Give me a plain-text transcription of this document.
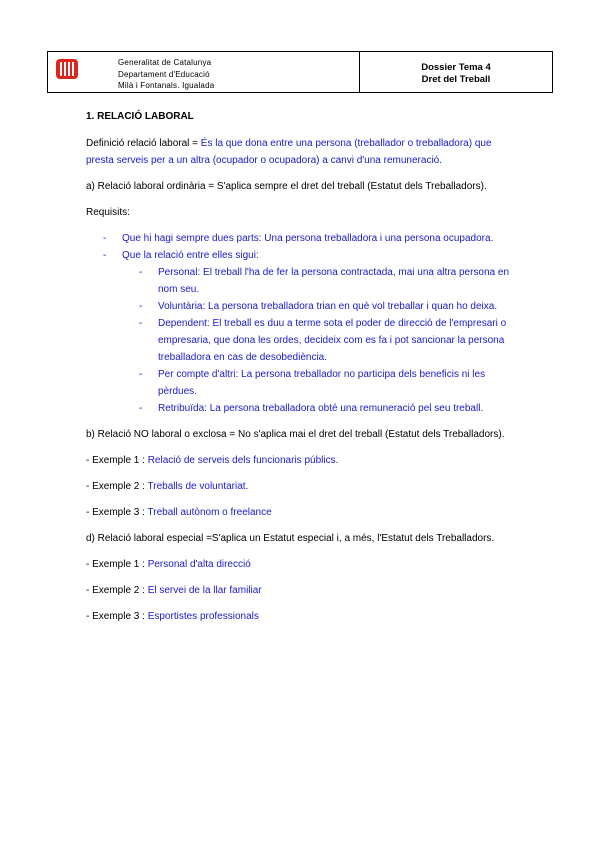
Generalitat de Catalunya
Departament d'Educació
Milà i Fontanals. Igualada
Dossier Tema 4
Dret del Treball
1. RELACIÓ LABORAL

Definició relació laboral = És la que dona entre una persona (treballador o treballadora) que presta serveis per a un altra (ocupador o ocupadora) a canvi d'una remuneració.

a) Relació laboral ordinària = S'aplica sempre el dret del treball (Estatut dels Treballadors).

Requisits:

- Que hi hagi sempre dues parts: Una persona treballadora i una persona ocupadora.
- Que la relació entre elles sigui:
- Personal: El treball l'ha de fer la persona contractada, mai una altra persona en nom seu.
- Voluntària: La persona treballadora trian en què vol treballar i quan ho deixa.
- Dependent: El treball es duu a terme sota el poder de direcció de l'empresari o empresaria, que dona les ordes, decideix com es fa i pot sancionar la persona treballadora en cas de desobediència.
- Per compte d'altri: La persona treballador no participa dels beneficis ni les pèrdues.
- Retribuïda: La persona treballadora obté una remuneració pel seu treball.

b) Relació NO laboral o exclosa = No s'aplica mai el dret del treball (Estatut dels Treballadors).

- Exemple 1 : Relació de serveis dels funcionaris públics.

- Exemple 2 : Treballs de voluntariat.

- Exemple 3 : Treball autònom o freelance

d) Relació laboral especial =S'aplica un Estatut especial i, a més, l'Estatut dels Treballadors.

- Exemple 1 : Personal d'alta direcció

- Exemple 2 : El servei de la llar familiar

- Exemple 3 : Esportistes professionals
